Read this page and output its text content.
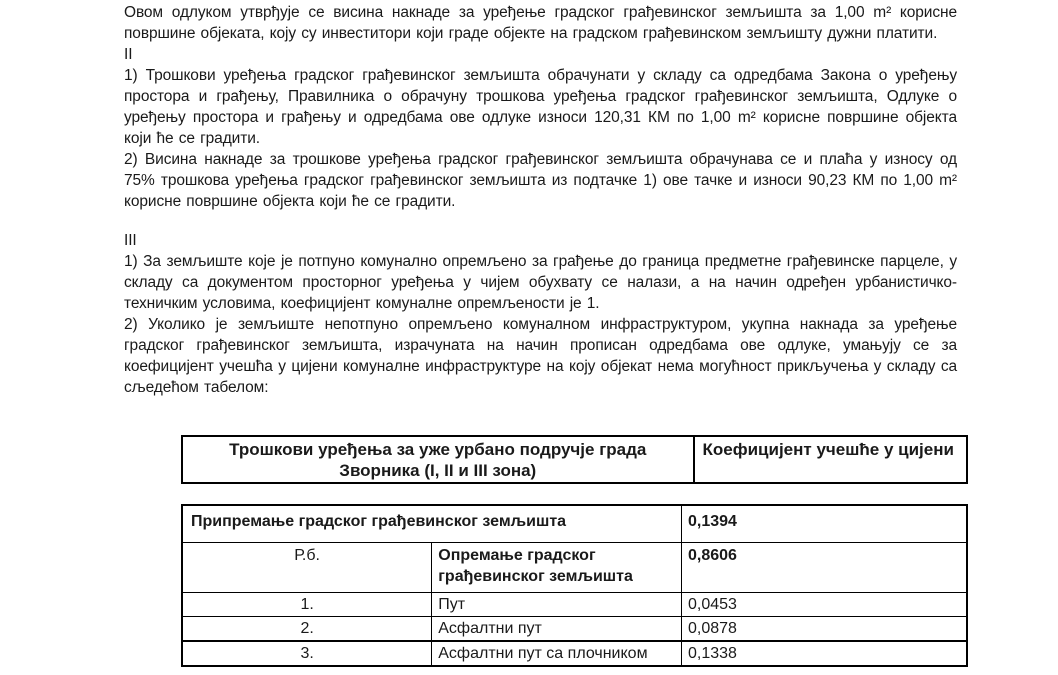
Овом одлуком утврђује се висина накнаде за уређење градског грађевинског земљишта за 1,00 m² корисне површине објеката, коју су инвеститори који граде објекте на градском грађевинском земљишту дужни платити.

II

1) Трошкови уређења градског грађевинског земљишта обрачунати у складу са одредбама Закона о уређењу простора и грађењу, Правилника о обрачуну трошкова уређења градског грађевинског земљишта, Одлуке о уређењу простора и грађењу и одредбама ове одлуке износи 120,31 КМ по 1,00 m² корисне површине објекта који ће се градити.

2) Висина накнаде за трошкове уређења градског грађевинског земљишта обрачунава се и плаћа у износу од 75% трошкова уређења градског грађевинског земљишта из подтачке 1) ове тачке и износи 90,23 КМ по 1,00 m² корисне површине објекта који ће се градити.

III

1) За земљиште које је потпуно комунално опремљено за грађење до граница предметне грађевинске парцеле, у складу са документом просторног уређења у чијем обухвату се налази, а на начин одређен урбанистичко-техничким условима, коефицијент комуналне опремљености је 1.

2) Уколико је земљиште непотпуно опремљено комуналном инфраструктуром, укупна накнада за уређење градског грађевинског земљишта, израчуната на начин прописан одредбама ове одлуке, умањују се за коефицијент учешћа у цијени комуналне инфраструктуре на коју објекат нема могућност прикључења у складу са сљедећом табелом:

Трошкови уређења за уже урбано подручје града Зворника (I, II и III зона)	Коефицијент учешће у цијени
Припремање градског грађевинског земљишта		0,1394
Р.б.	Опремање градског грађевинског земљишта	0,8606
1.	Пут	0,0453
2.	Асфалтни пут	0,0878
3.	Асфалтни пут са плочником	0,1338
